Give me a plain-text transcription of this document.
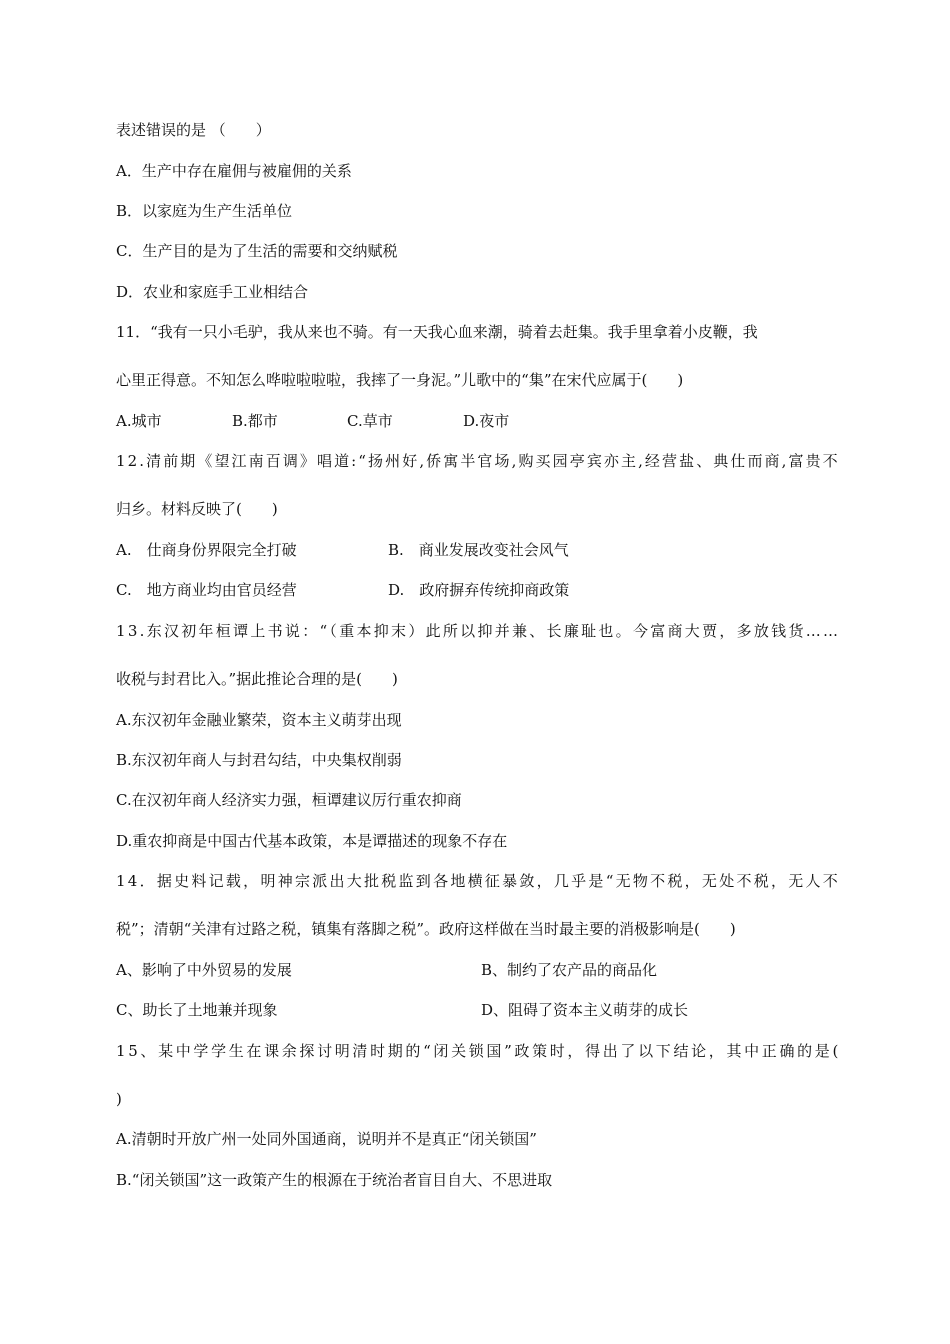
表述错误的是 （　　）
A．生产中存在雇佣与被雇佣的关系
B．以家庭为生产生活单位
C．生产目的是为了生活的需要和交纳赋税
D．农业和家庭手工业相结合
11．“我有一只小毛驴，我从来也不骑。有一天我心血来潮，骑着去赶集。我手里拿着小皮鞭，我
心里正得意。不知怎么哗啦啦啦啦，我摔了一身泥。”儿歌中的“集”在宋代应属于(　　)
A.城市	B.都市	C.草市	D.夜市
12.清前期《望江南百调》唱道:“扬州好,侨寓半官场,购买园亭宾亦主,经营盐、典仕而商,富贵不
归乡。材料反映了(　　)
A.　仕商身份界限完全打破	B.　商业发展改变社会风气
C.　地方商业均由官员经营	D.　政府摒弃传统抑商政策
13.东汉初年桓谭上书说：“（重本抑末）此所以抑并兼、长廉耻也。今富商大贾，多放钱货……
收税与封君比入。”据此推论合理的是(　　)
A.东汉初年金融业繁荣，资本主义萌芽出现
B.东汉初年商人与封君勾结，中央集权削弱
C.在汉初年商人经济实力强，桓谭建议厉行重农抑商
D.重农抑商是中国古代基本政策，本是谭描述的现象不存在
14．据史料记载，明神宗派出大批税监到各地横征暴敛，几乎是“无物不税，无处不税，无人不
税”；清朝“关津有过路之税，镇集有落脚之税”。政府这样做在当时最主要的消极影响是(　　)
A、影响了中外贸易的发展	B、制约了农产品的商品化
C、助长了土地兼并现象	D、阻碍了资本主义萌芽的成长
15、某中学学生在课余探讨明清时期的“闭关锁国”政策时，得出了以下结论，其中正确的是(
)
A.清朝时开放广州一处同外国通商，说明并不是真正“闭关锁国”
B.“闭关锁国”这一政策产生的根源在于统治者盲目自大、不思进取
